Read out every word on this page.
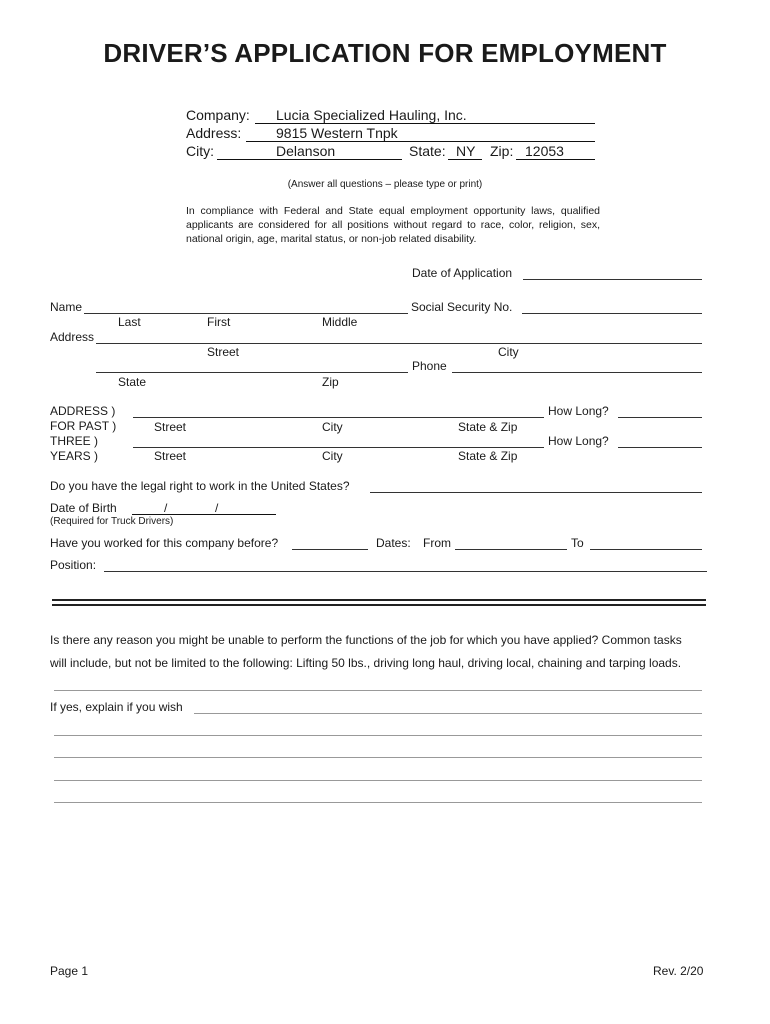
DRIVER’S APPLICATION FOR EMPLOYMENT
Company: Lucia Specialized Hauling, Inc.
Address: 9815 Western Tnpk
City:	Delanson	State: NY Zip: 12053
(Answer all questions – please type or print)
In compliance with Federal and State equal employment opportunity laws, qualified applicants are considered for all positions without regard to race, color, religion, sex, national origin, age, marital status, or non-job related disability.
Date of Application
Name	Social Security No.
Last	First	Middle
Address
Street	City
Phone
State	Zip
ADDRESS )
FOR PAST )
THREE )
YEARS )
How Long?
Street	City	State & Zip
How Long?
Street	City	State & Zip
Do you have the legal right to work in the United States?
Date of Birth	/	/
(Required for Truck Drivers)
Have you worked for this company before?	Dates: From	To
Position:
Is there any reason you might be unable to perform the functions of the job for which you have applied? Common tasks
will include, but not be limited to the following: Lifting 50 lbs., driving long haul, driving local, chaining and tarping loads.
If yes, explain if you wish
Page 1	Rev. 2/20
